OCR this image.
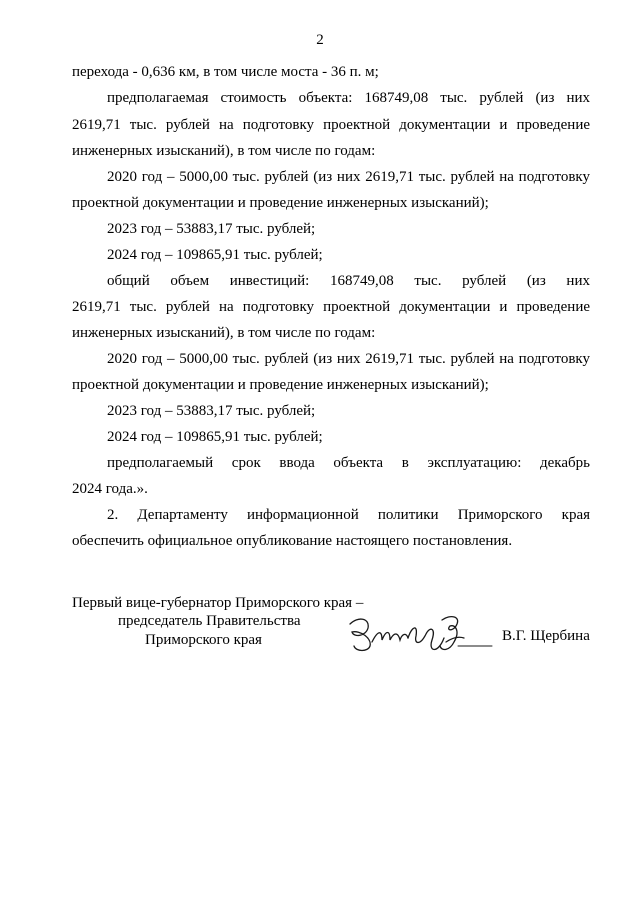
2
перехода - 0,636 км, в том числе моста - 36 п. м;
предполагаемая стоимость объекта: 168749,08 тыс. рублей (из них
2619,71 тыс. рублей на подготовку проектной документации и проведение
инженерных изысканий), в том числе по годам:
2020 год – 5000,00 тыс. рублей (из них 2619,71 тыс. рублей на подготовку
проектной документации и проведение инженерных изысканий);
2023 год – 53883,17 тыс. рублей;
2024 год – 109865,91 тыс. рублей;
общий объем инвестиций: 168749,08 тыс. рублей (из них
2619,71 тыс. рублей на подготовку проектной документации и проведение
инженерных изысканий), в том числе по годам:
2020 год – 5000,00 тыс. рублей (из них 2619,71 тыс. рублей на подготовку
проектной документации и проведение инженерных изысканий);
2023 год – 53883,17 тыс. рублей;
2024 год – 109865,91 тыс. рублей;
предполагаемый срок ввода объекта в эксплуатацию: декабрь
2024 года.».
2. Департаменту информационной политики Приморского края
обеспечить официальное опубликование настоящего постановления.
Первый вице-губернатор Приморского края –
председатель Правительства
Приморского края	В.Г. Щербина
